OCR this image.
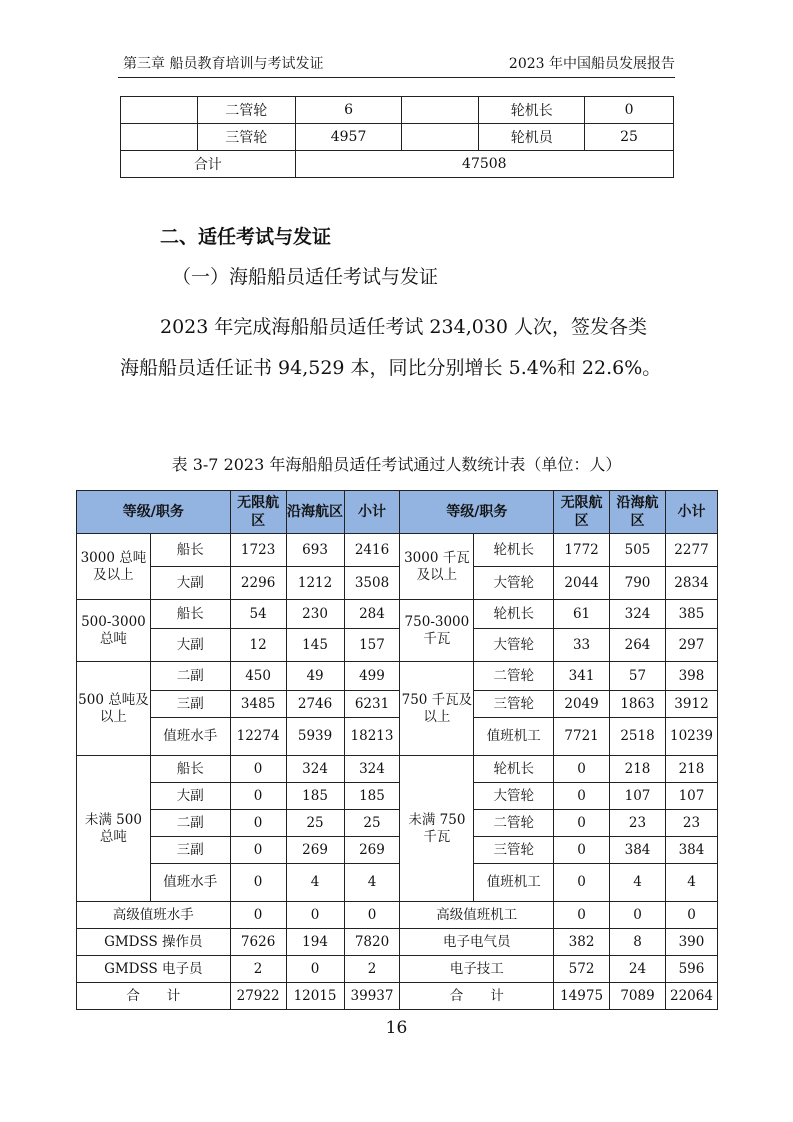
第三章 船员教育培训与考试发证	2023 年中国船员发展报告
	二管轮	6		轮机长	0
	三管轮	4957		轮机员	25
合计		47508			
二、适任考试与发证
（一）海船船员适任考试与发证
2023 年完成海船船员适任考试 234,030 人次，签发各类
海船船员适任证书 94,529 本，同比分别增长 5.4%和 22.6%。
表 3-7 2023 年海船船员适任考试通过人数统计表（单位：人）
等级/职务		无限航区	沿海航区	小计	等级/职务		无限航区	沿海航区	小计
3000 总吨及以上	船长	1723	693	2416	3000 千瓦及以上	轮机长	1772	505	2277
	大副	2296	1212	3508		大管轮	2044	790	2834
500-3000 总吨	船长	54	230	284	750-3000 千瓦	轮机长	61	324	385
	大副	12	145	157		大管轮	33	264	297
500 总吨及以上	二副	450	49	499	750 千瓦及以上	二管轮	341	57	398
	三副	3485	2746	6231		三管轮	2049	1863	3912
	值班水手	12274	5939	18213		值班机工	7721	2518	10239
未满 500 总吨	船长	0	324	324	未满 750 千瓦	轮机长	0	218	218
	大副	0	185	185		大管轮	0	107	107
	二副	0	25	25		二管轮	0	23	23
	三副	0	269	269		三管轮	0	384	384
	值班水手	0	4	4		值班机工	0	4	4
高级值班水手		0	0	0	高级值班机工		0	0	0
GMDSS 操作员		7626	194	7820	电子电气员		382	8	390
GMDSS 电子员		2	0	2	电子技工		572	24	596
合　　计		27922	12015	39937	合　　计		14975	7089	22064
16
